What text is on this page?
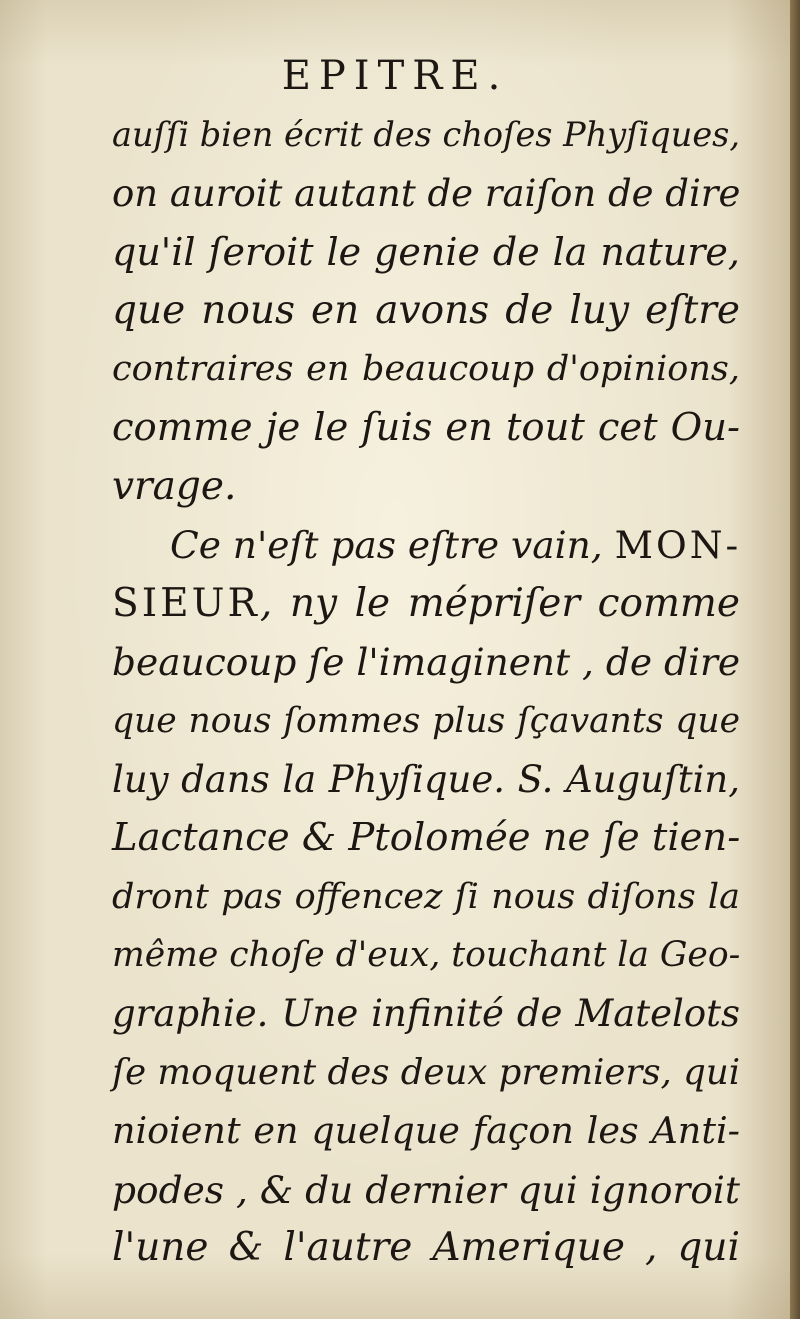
EPITRE.
auſſi bien écrit des choſes Phyſiques,
on auroit autant de raiſon de dire
qu'il ſeroit le genie de la nature,
que nous en avons de luy eſtre
contraires en beaucoup d'opinions,
comme je le ſuis en tout cet Ou-
vrage.
Ce n'eſt pas eſtre vain, MON-
SIEUR, ny le mépriſer comme
beaucoup ſe l'imaginent , de dire
que nous ſommes plus ſçavants que
luy dans la Phyſique. S. Auguſtin,
Lactance & Ptolomée ne ſe tien-
dront pas offencez ſi nous diſons la
même choſe d'eux, touchant la Geo-
graphie. Une infinité de Matelots
ſe moquent des deux premiers, qui
nioient en quelque façon les Anti-
podes , & du dernier qui ignoroit
l'une & l'autre Amerique , qui
